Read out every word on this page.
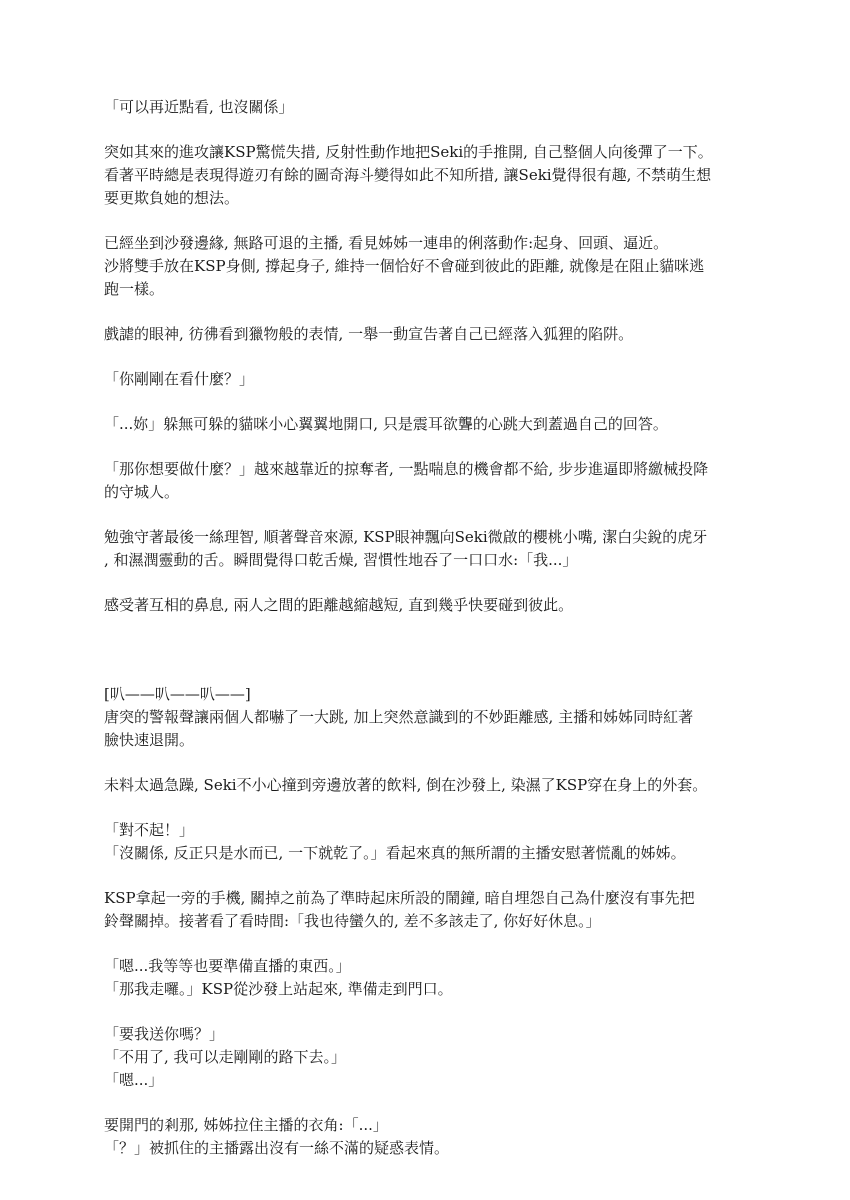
「可以再近點看, 也沒關係」

突如其來的進攻讓KSP驚慌失措, 反射性動作地把Seki的手推開, 自己整個人向後彈了一下。

看著平時總是表現得遊刃有餘的圖奇海斗變得如此不知所措, 讓Seki覺得很有趣, 不禁萌生想

要更欺負她的想法。

已經坐到沙發邊緣, 無路可退的主播, 看見姊姊一連串的俐落動作:起身、回頭、逼近。

沙將雙手放在KSP身側, 撐起身子, 維持一個恰好不會碰到彼此的距離, 就像是在阻止貓咪逃

跑一樣。

戲謔的眼神, 彷彿看到獵物般的表情, 一舉一動宣告著自己已經落入狐狸的陷阱。

「你剛剛在看什麼？」

「...妳」躲無可躲的貓咪小心翼翼地開口, 只是震耳欲聾的心跳大到蓋過自己的回答。

「那你想要做什麼？」越來越靠近的掠奪者, 一點喘息的機會都不給, 步步進逼即將繳械投降

的守城人。

勉強守著最後一絲理智, 順著聲音來源, KSP眼神飄向Seki微啟的櫻桃小嘴, 潔白尖銳的虎牙

, 和濕潤靈動的舌。瞬間覺得口乾舌燥, 習慣性地吞了一口口水:「我...」

感受著互相的鼻息, 兩人之間的距離越縮越短, 直到幾乎快要碰到彼此。

[叭——叭——叭——]

唐突的警報聲讓兩個人都嚇了一大跳, 加上突然意識到的不妙距離感, 主播和姊姊同時紅著

臉快速退開。

未料太過急躁, Seki不小心撞到旁邊放著的飲料, 倒在沙發上, 染濕了KSP穿在身上的外套。

「對不起！」

「沒關係, 反正只是水而已, 一下就乾了。」看起來真的無所謂的主播安慰著慌亂的姊姊。

KSP拿起一旁的手機, 關掉之前為了準時起床所設的鬧鐘, 暗自埋怨自己為什麼沒有事先把

鈴聲關掉。接著看了看時間:「我也待蠻久的, 差不多該走了, 你好好休息。」

「嗯...我等等也要準備直播的東西。」

「那我走囉。」KSP從沙發上站起來, 準備走到門口。

「要我送你嗎？」

「不用了, 我可以走剛剛的路下去。」

「嗯...」

要開門的剎那, 姊姊拉住主播的衣角:「...」

「？」被抓住的主播露出沒有一絲不滿的疑惑表情。
